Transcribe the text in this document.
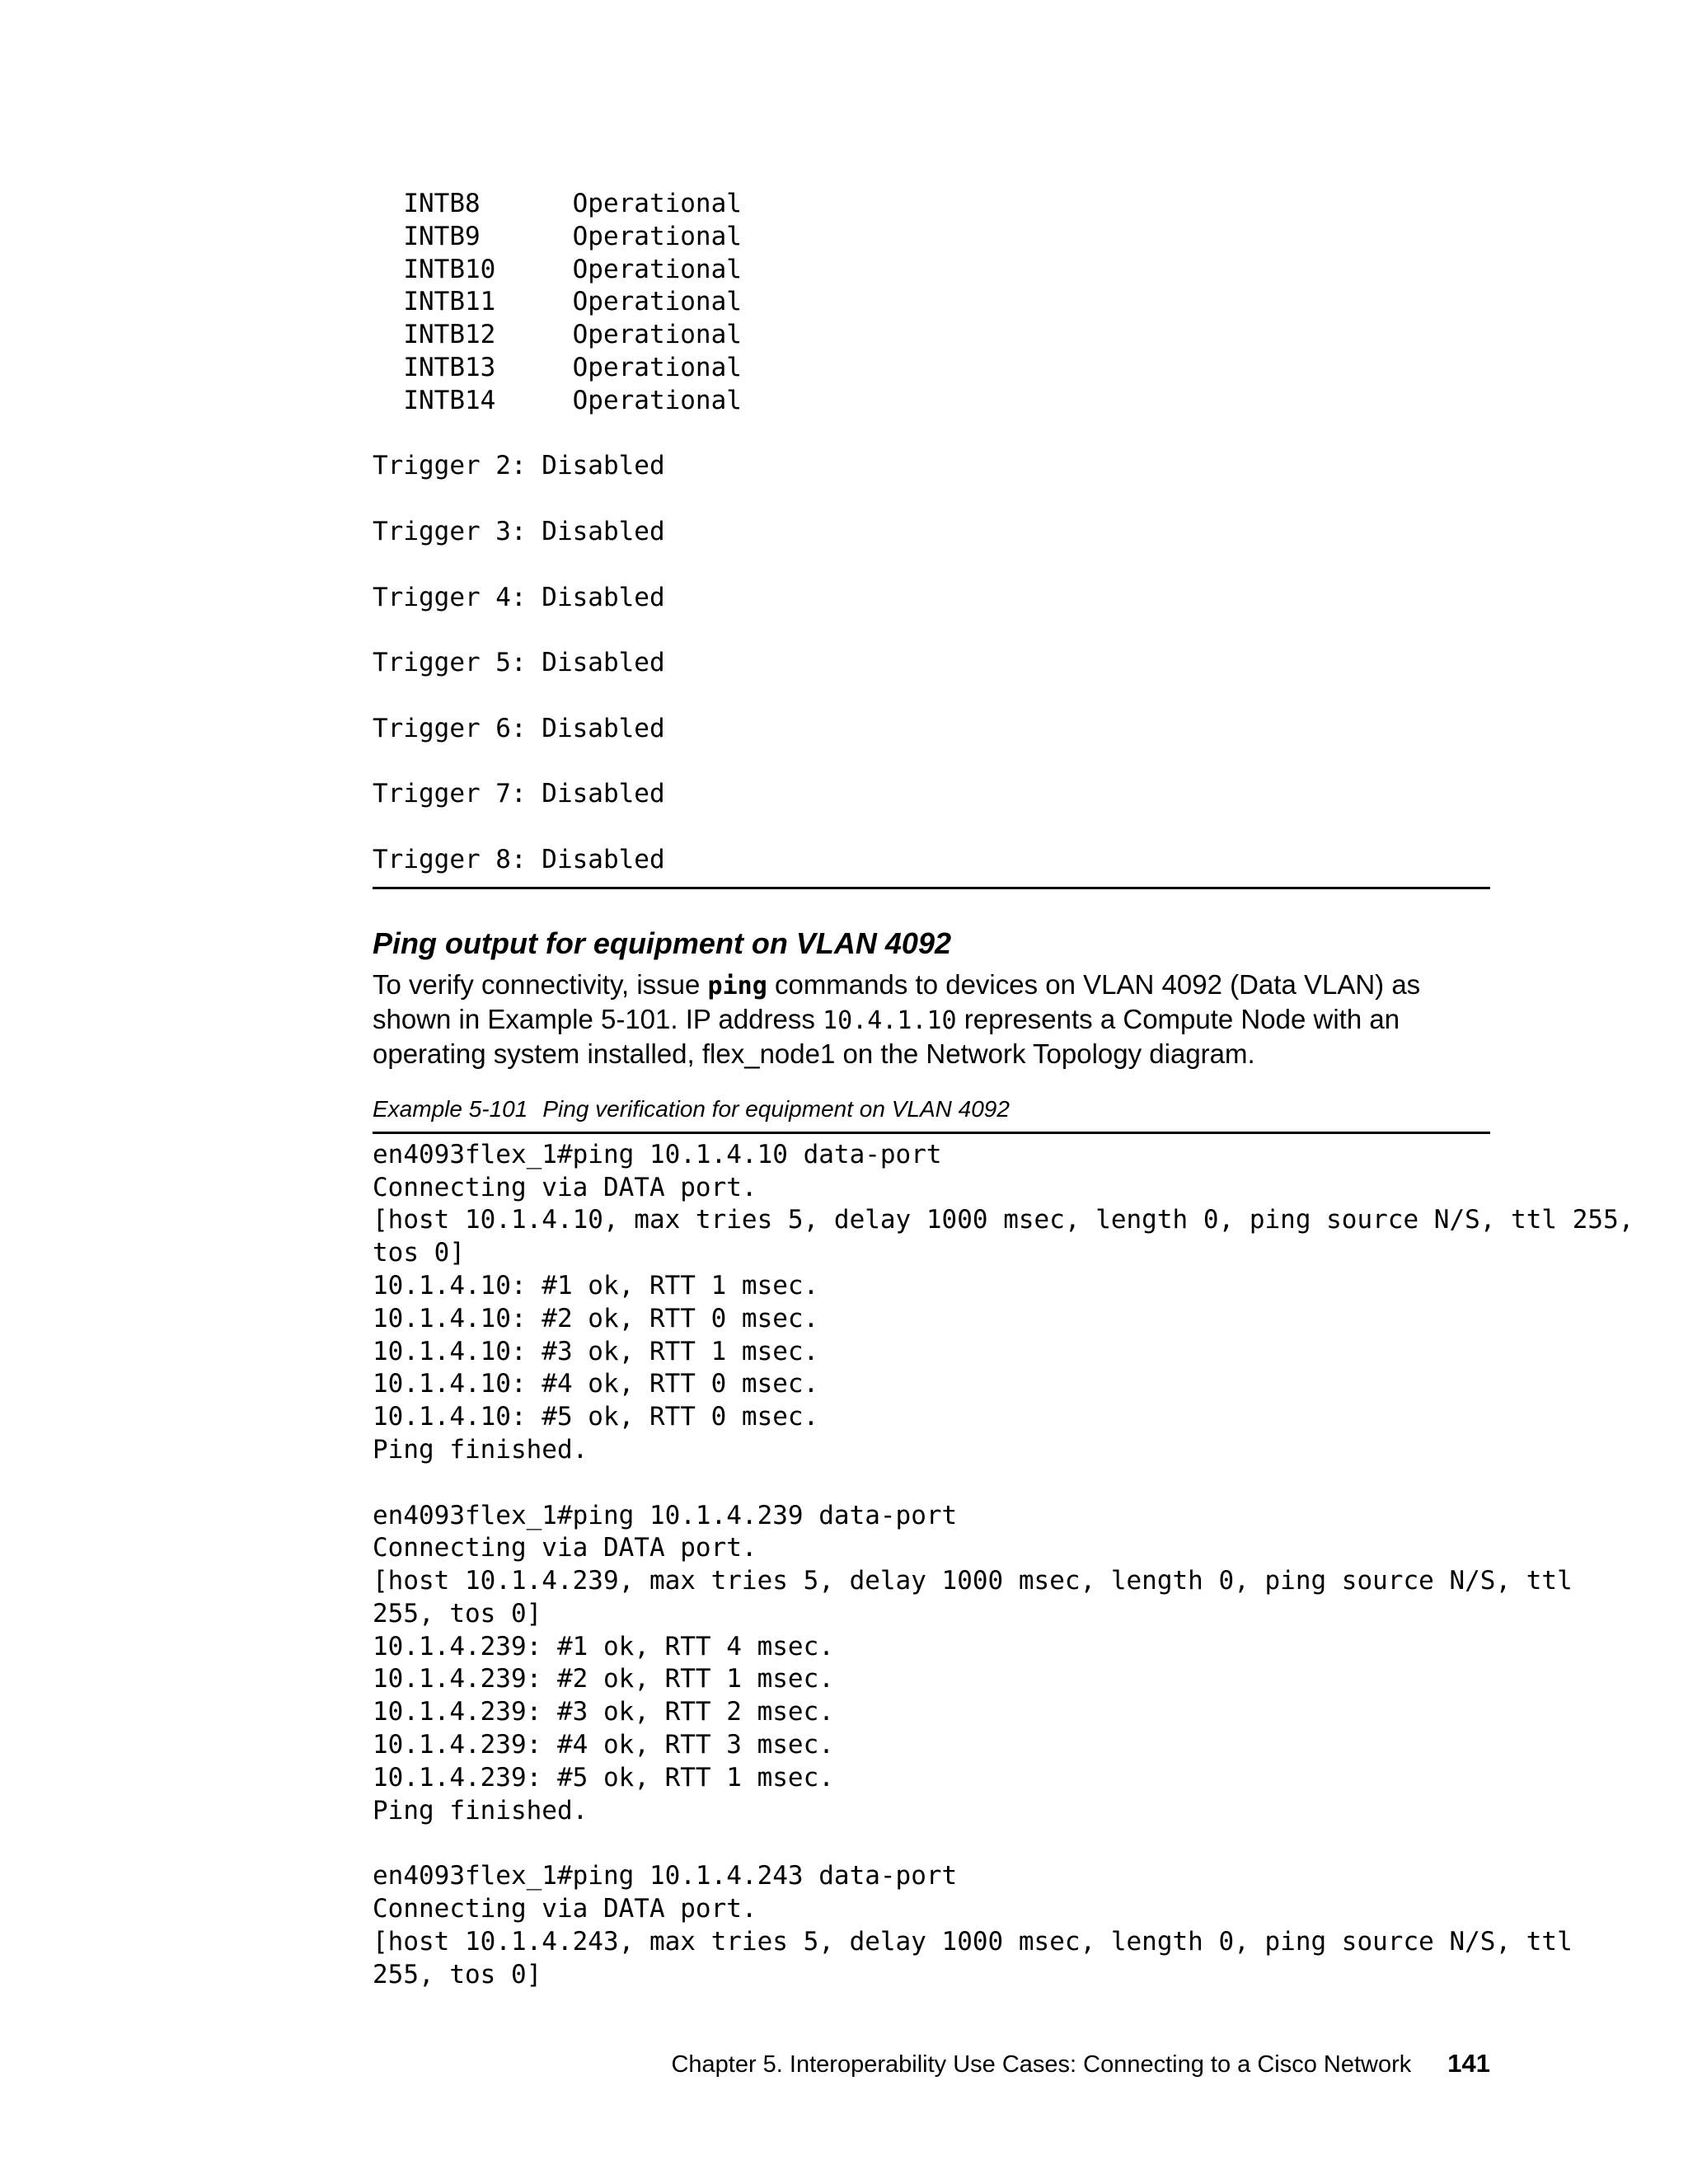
INTB8      Operational
INTB9      Operational
INTB10     Operational
INTB11     Operational
INTB12     Operational
INTB13     Operational
INTB14     Operational

Trigger 2: Disabled

Trigger 3: Disabled

Trigger 4: Disabled

Trigger 5: Disabled

Trigger 6: Disabled

Trigger 7: Disabled

Trigger 8: Disabled
Ping output for equipment on VLAN 4092

To verify connectivity, issue ping commands to devices on VLAN 4092 (Data VLAN) as shown in Example 5-101. IP address 10.4.1.10 represents a Compute Node with an operating system installed, flex_node1 on the Network Topology diagram.

Example 5-101 Ping verification for equipment on VLAN 4092
en4093flex_1#ping 10.1.4.10 data-port
Connecting via DATA port.
[host 10.1.4.10, max tries 5, delay 1000 msec, length 0, ping source N/S, ttl 255,
tos 0]
10.1.4.10: #1 ok, RTT 1 msec.
10.1.4.10: #2 ok, RTT 0 msec.
10.1.4.10: #3 ok, RTT 1 msec.
10.1.4.10: #4 ok, RTT 0 msec.
10.1.4.10: #5 ok, RTT 0 msec.
Ping finished.

en4093flex_1#ping 10.1.4.239 data-port
Connecting via DATA port.
[host 10.1.4.239, max tries 5, delay 1000 msec, length 0, ping source N/S, ttl
255, tos 0]
10.1.4.239: #1 ok, RTT 4 msec.
10.1.4.239: #2 ok, RTT 1 msec.
10.1.4.239: #3 ok, RTT 2 msec.
10.1.4.239: #4 ok, RTT 3 msec.
10.1.4.239: #5 ok, RTT 1 msec.
Ping finished.

en4093flex_1#ping 10.1.4.243 data-port
Connecting via DATA port.
[host 10.1.4.243, max tries 5, delay 1000 msec, length 0, ping source N/S, ttl
255, tos 0]
Chapter 5. Interoperability Use Cases: Connecting to a Cisco Network 141
